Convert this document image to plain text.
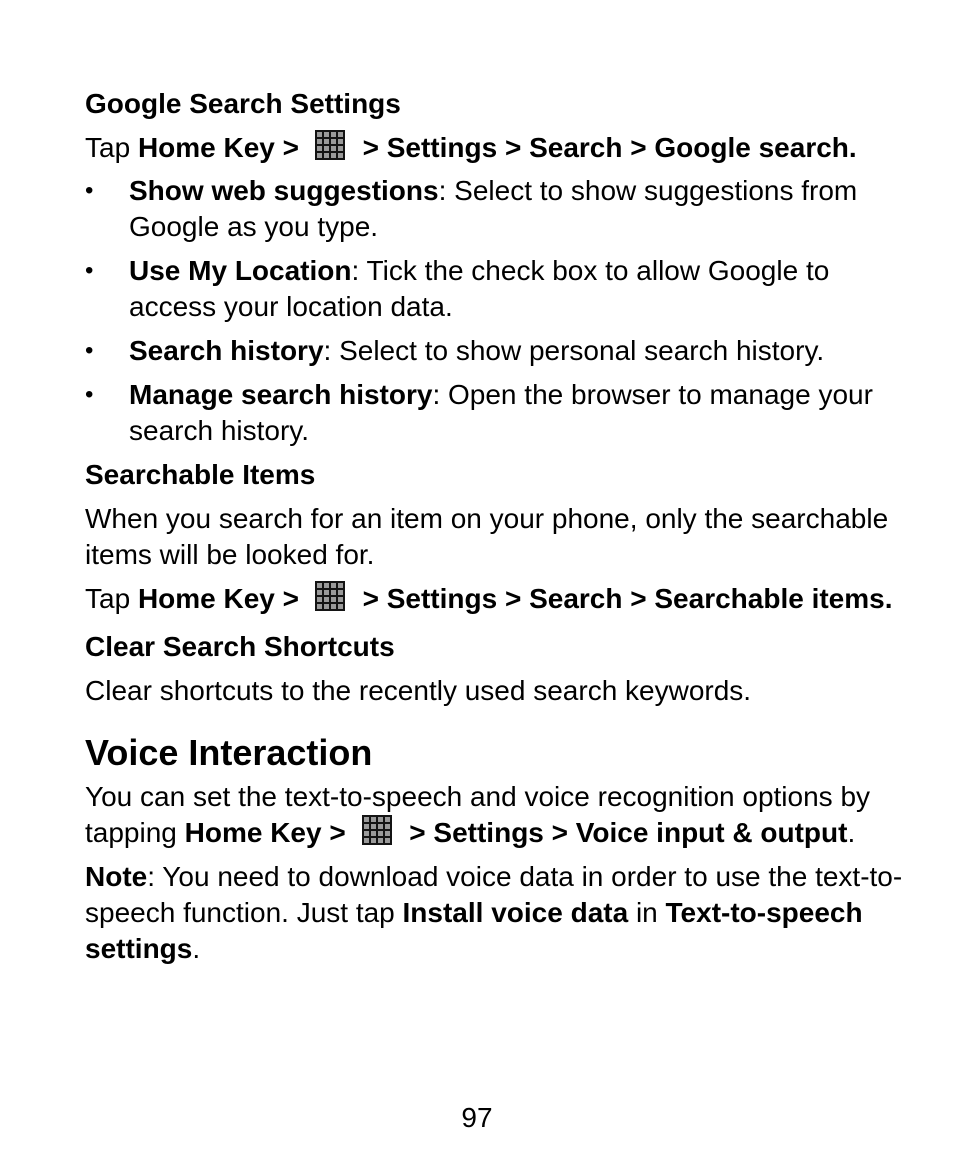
Google Search Settings

Tap Home Key >
> Settings > Search > Google search.

•	Show web suggestions: Select to show suggestions from Google as you type.
•	Use My Location: Tick the check box to allow Google to access your location data.
•	Search history: Select to show personal search history.
•	Manage search history: Open the browser to manage your search history.
Searchable Items

When you search for an item on your phone, only the searchable items will be looked for.

Tap Home Key >
> Settings > Search > Searchable items.

Clear Search Shortcuts

Clear shortcuts to the recently used search keywords.

Voice Interaction

You can set the text-to-speech and voice recognition options by tapping Home Key >
> Settings > Voice input & output.

Note: You need to download voice data in order to use the text-to-speech function. Just tap Install voice data in Text-to-speech settings.

97
